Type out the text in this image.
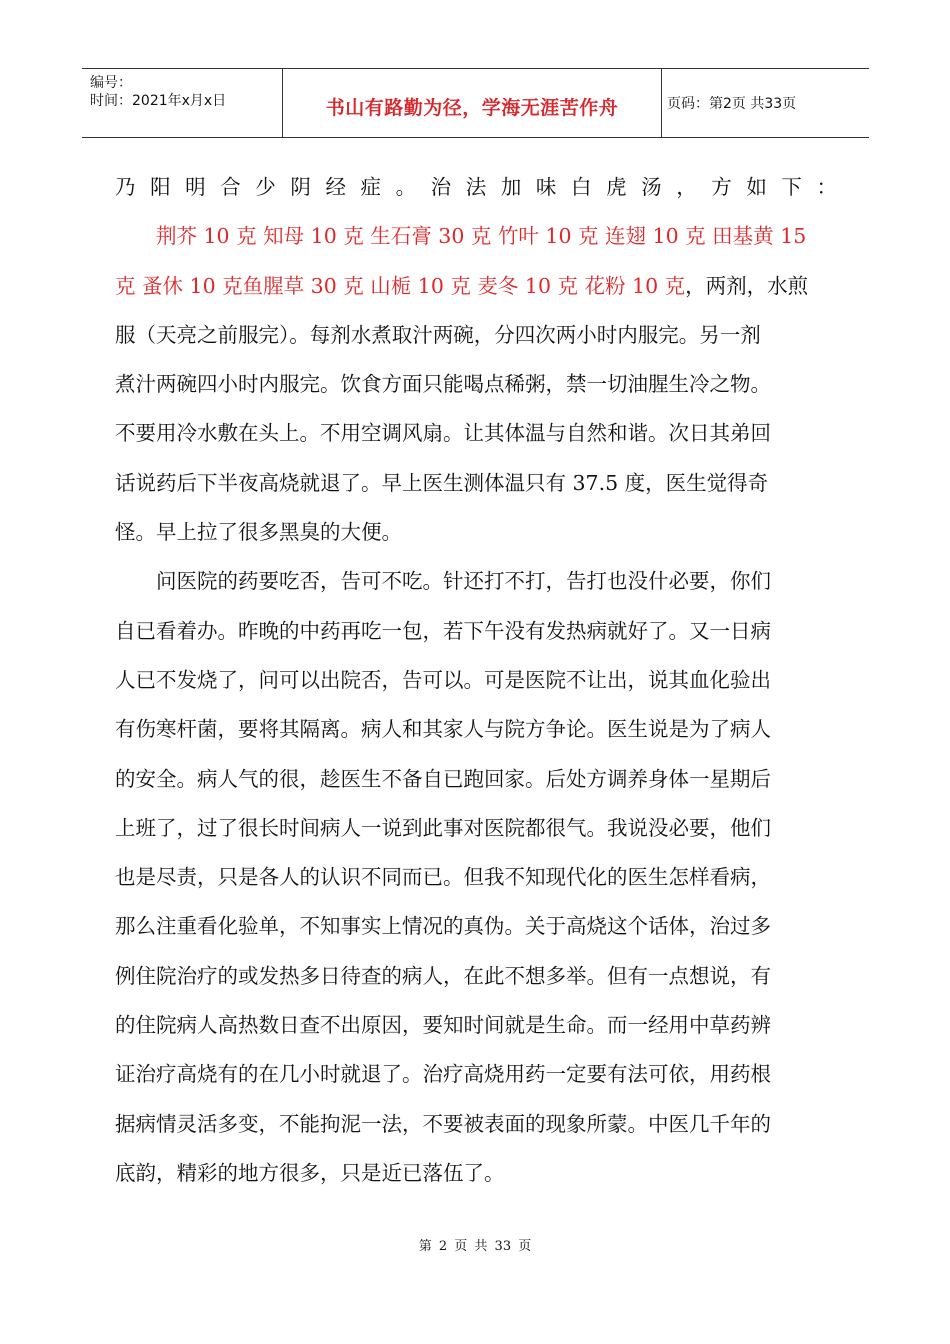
编号：
时间：2021年x月x日	书山有路勤为径，学海无涯苦作舟	页码：第2页 共33页
乃阳明合少阴经症。治法加味白虎汤，方如下：
荆芥 10 克 知母 10 克 生石膏 30 克 竹叶 10 克 连翅 10 克 田基黄 15
克 蚤休 10 克鱼腥草 30 克 山栀 10 克 麦冬 10 克 花粉 10 克，两剂，水煎
服（天亮之前服完）。每剂水煮取汁两碗，分四次两小时内服完。另一剂
煮汁两碗四小时内服完。饮食方面只能喝点稀粥，禁一切油腥生冷之物。
不要用冷水敷在头上。不用空调风扇。让其体温与自然和谐。次日其弟回
话说药后下半夜高烧就退了。早上医生测体温只有 37.5 度，医生觉得奇
怪。早上拉了很多黑臭的大便。
问医院的药要吃否，告可不吃。针还打不打，告打也没什必要，你们
自已看着办。昨晚的中药再吃一包，若下午没有发热病就好了。又一日病
人已不发烧了，问可以出院否，告可以。可是医院不让出，说其血化验出
有伤寒杆菌，要将其隔离。病人和其家人与院方争论。医生说是为了病人
的安全。病人气的很，趁医生不备自已跑回家。后处方调养身体一星期后
上班了，过了很长时间病人一说到此事对医院都很气。我说没必要，他们
也是尽责，只是各人的认识不同而已。但我不知现代化的医生怎样看病，
那么注重看化验单，不知事实上情况的真伪。关于高烧这个话体，治过多
例住院治疗的或发热多日待查的病人，在此不想多举。但有一点想说，有
的住院病人高热数日查不出原因，要知时间就是生命。而一经用中草药辨
证治疗高烧有的在几小时就退了。治疗高烧用药一定要有法可依，用药根
据病情灵活多变，不能拘泥一法，不要被表面的现象所蒙。中医几千年的
底韵，精彩的地方很多，只是近已落伍了。
第 2 页 共 33 页
